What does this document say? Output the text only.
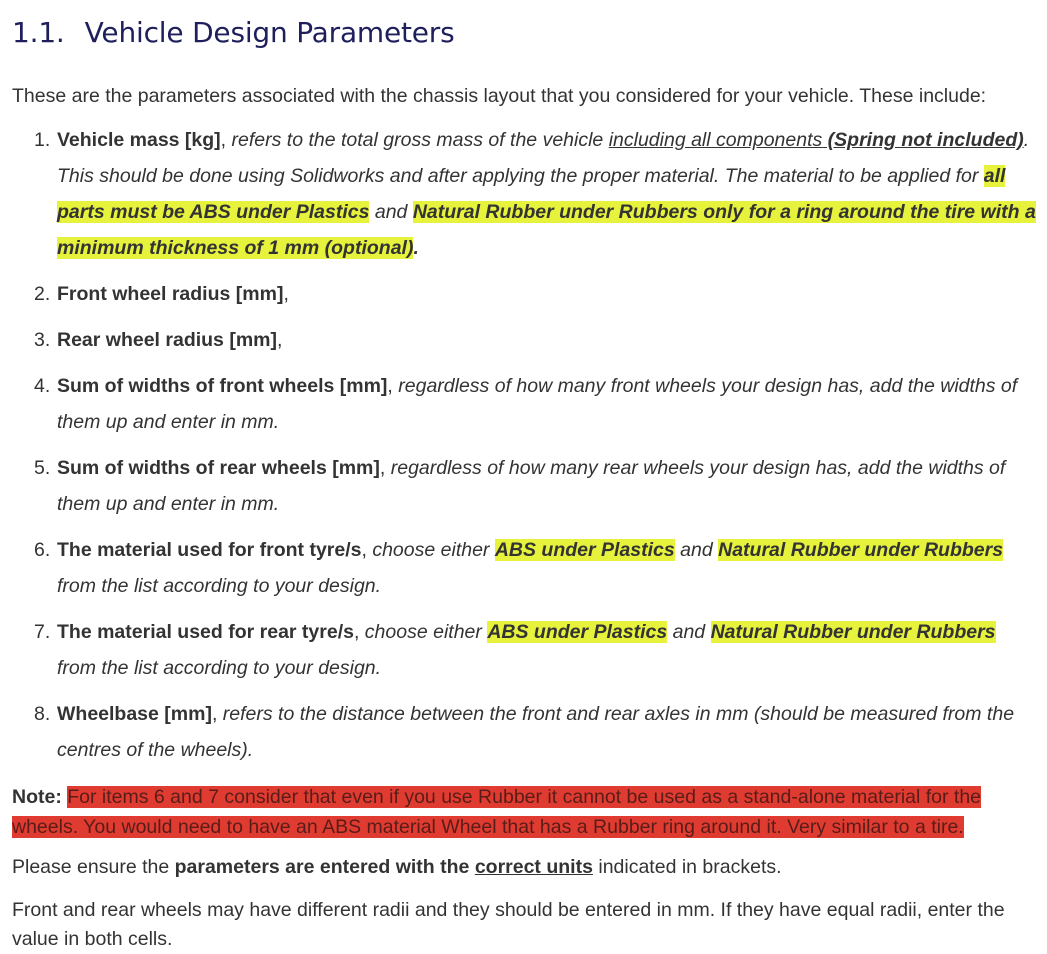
1.1. Vehicle Design Parameters

These are the parameters associated with the chassis layout that you considered for your vehicle. These include:

1. Vehicle mass [kg], refers to the total gross mass of the vehicle including all components (Spring not included). This should be done using Solidworks and after applying the proper material. The material to be applied for all parts must be ABS under Plastics and Natural Rubber under Rubbers only for a ring around the tire with a minimum thickness of 1 mm (optional).
2. Front wheel radius [mm],
3. Rear wheel radius [mm],
4. Sum of widths of front wheels [mm], regardless of how many front wheels your design has, add the widths of them up and enter in mm.
5. Sum of widths of rear wheels [mm], regardless of how many rear wheels your design has, add the widths of them up and enter in mm.
6. The material used for front tyre/s, choose either ABS under Plastics and Natural Rubber under Rubbers from the list according to your design.
7. The material used for rear tyre/s, choose either ABS under Plastics and Natural Rubber under Rubbers from the list according to your design.
8. Wheelbase [mm], refers to the distance between the front and rear axles in mm (should be measured from the centres of the wheels).

Note: For items 6 and 7 consider that even if you use Rubber it cannot be used as a stand-alone material for the wheels. You would need to have an ABS material Wheel that has a Rubber ring around it. Very similar to a tire.

Please ensure the parameters are entered with the correct units indicated in brackets.

Front and rear wheels may have different radii and they should be entered in mm. If they have equal radii, enter the value in both cells.
